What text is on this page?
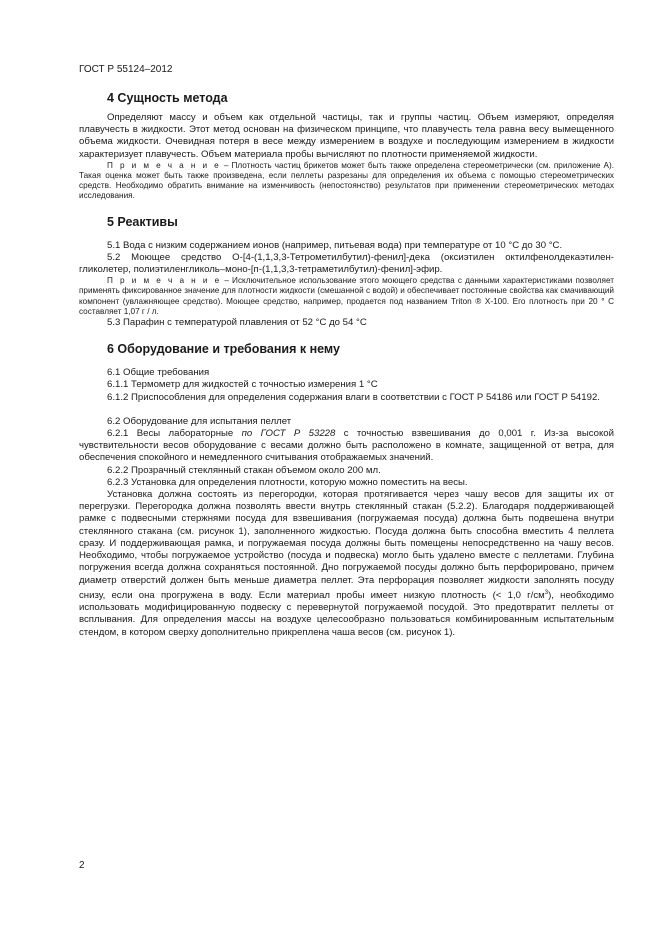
ГОСТ Р 55124–2012
4 Сущность метода

Определяют массу и объем как отдельной частицы, так и группы частиц. Объем измеряют, определяя плавучесть в жидкости. Этот метод основан на физическом принципе, что плавучесть тела равна весу вымещенного объема жидкости. Очевидная потеря в весе между измерением в воздухе и последующим измерением в жидкости характеризует плавучесть. Объем материала пробы вычисляют по плотности применяемой жидкости.

П р и м е ч а н и е – Плотность частиц брикетов может быть также определена стереометрически (см. приложение А). Такая оценка может быть также произведена, если пеллеты разрезаны для определения их объема с помощью стереометрических средств. Необходимо обратить внимание на изменчивость (непостоянство) результатов при применении стереометрических методах исследования.

5 Реактивы

5.1 Вода с низким содержанием ионов (например, питьевая вода) при температуре от 10 °С до 30 °С.

5.2 Моющее средство О-[4-(1,1,3,3-Тетрометилбутил)-фенил]-дека (оксиэтилен октилфенолдекаэтилен-гликолетер, полиэтиленгликоль–моно-[п-(1,1,3,3-тетраметилбутил)-фенил]-эфир.

П р и м е ч а н и е – Исключительное использование этого моющего средства с данными характеристиками позволяет применять фиксированное значение для плотности жидкости (смешанной с водой) и обеспечивает постоянные свойства как смачивающий компонент (увлажняющее средство). Моющее средство, например, продается под названием Triton ® X-100. Его плотность при 20 ° С составляет 1,07 г / л.

5.3 Парафин с температурой плавления от 52 °С до 54 °С

6 Оборудование и требования к нему

6.1 Общие требования

6.1.1 Термометр для жидкостей с точностью измерения 1 °С

6.1.2 Приспособления для определения содержания влаги в соответствии с ГОСТ Р 54186 или ГОСТ Р 54192.

6.2 Оборудование для испытания пеллет

6.2.1 Весы лабораторные по ГОСТ Р 53228 с точностью взвешивания до 0,001 г. Из-за высокой чувствительности весов оборудование с весами должно быть расположено в комнате, защищенной от ветра, для обеспечения спокойного и немедленного считывания отображаемых значений.

6.2.2 Прозрачный стеклянный стакан объемом около 200 мл.

6.2.3 Установка для определения плотности, которую можно поместить на весы.

Установка должна состоять из перегородки, которая протягивается через чашу весов для защиты их от перегрузки. Перегородка должна позволять ввести внутрь стеклянный стакан (5.2.2). Благодаря поддерживающей рамке с подвесными стержнями посуда для взвешивания (погружаемая посуда) должна быть подвешена внутри стеклянного стакана (см. рисунок 1), заполненного жидкостью. Посуда должна быть способна вместить 4 пеллета сразу. И поддерживающая рамка, и погружаемая посуда должны быть помещены непосредственно на чашу весов. Необходимо, чтобы погружаемое устройство (посуда и подвеска) могло быть удалено вместе с пеллетами. Глубина погружения всегда должна сохраняться постоянной. Дно погружаемой посуды должно быть перфорировано, причем диаметр отверстий должен быть меньше диаметра пеллет. Эта перфорация позволяет жидкости заполнять посуду снизу, если она прогружена в воду. Если материал пробы имеет низкую плотность (< 1,0 $г/см^3$), необходимо использовать модифицированную подвеску с перевернутой погружаемой посудой. Это предотвратит пеллеты от всплывания. Для определения массы на воздухе целесообразно пользоваться комбинированным испытательным стендом, в котором сверху дополнительно прикреплена чаша весов (см. рисунок 1).

2
